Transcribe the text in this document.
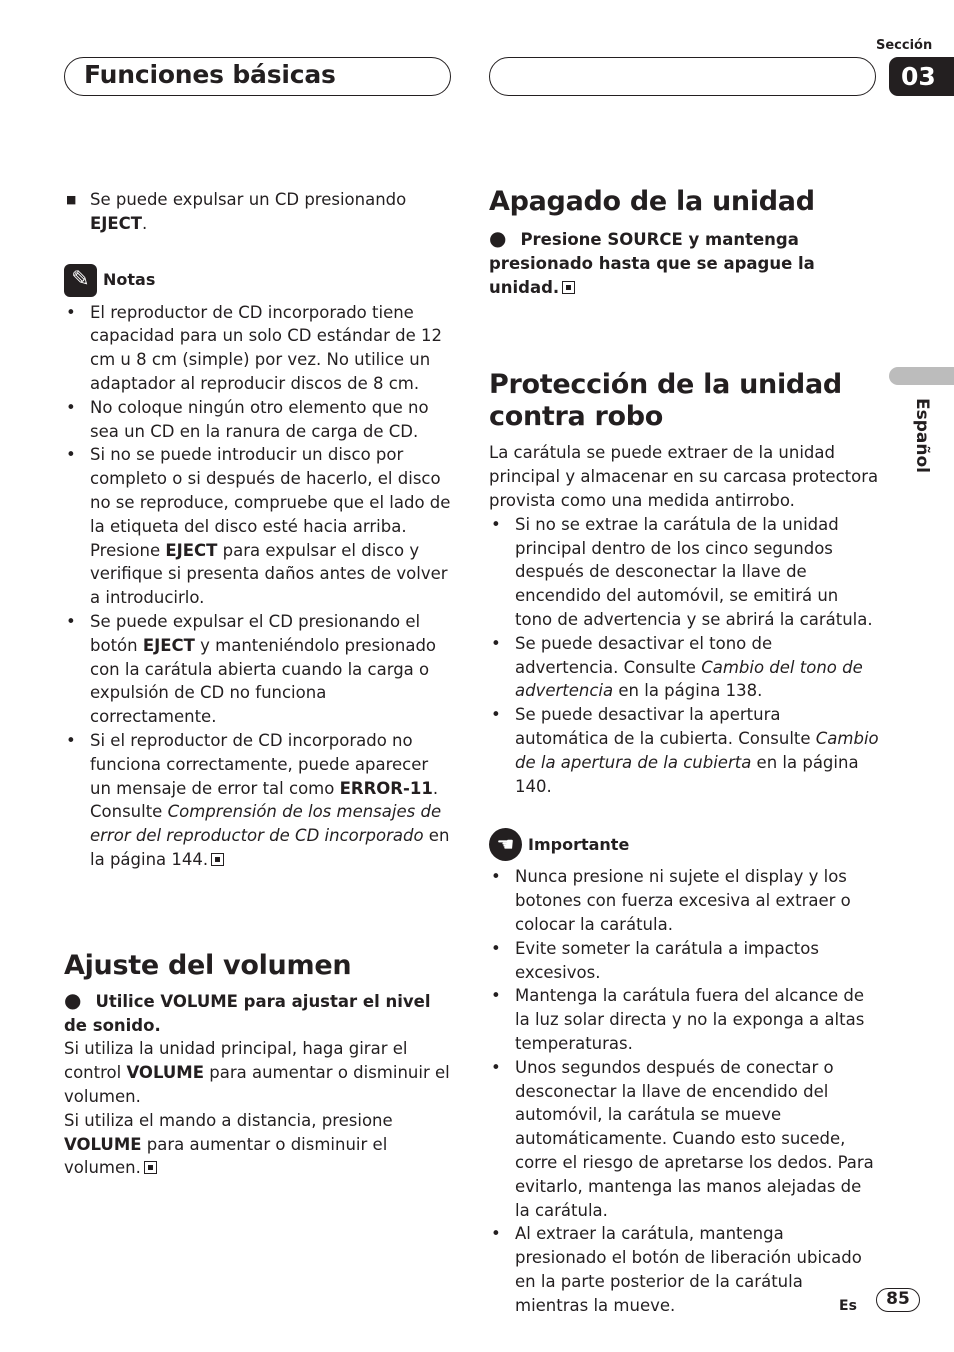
Funciones básicas
Sección
03
Español
■ Se puede expulsar un CD presionando EJECT.
✎ Notas
• El reproductor de CD incorporado tiene capacidad para un solo CD estándar de 12 cm u 8 cm (simple) por vez. No utilice un adaptador al reproducir discos de 8 cm.
• No coloque ningún otro elemento que no sea un CD en la ranura de carga de CD.
• Si no se puede introducir un disco por completo o si después de hacerlo, el disco no se reproduce, compruebe que el lado de la etiqueta del disco esté hacia arriba. Presione EJECT para expulsar el disco y verifique si presenta daños antes de volver a introducirlo.
• Se puede expulsar el CD presionando el botón EJECT y manteniéndolo presionado con la carátula abierta cuando la carga o expulsión de CD no funciona correctamente.
• Si el reproductor de CD incorporado no funciona correctamente, puede aparecer un mensaje de error tal como ERROR-11. Consulte Comprensión de los mensajes de error del reproductor de CD incorporado en la página 144.
Ajuste del volumen

● Utilice VOLUME para ajustar el nivel de sonido.

Si utiliza la unidad principal, haga girar el control VOLUME para aumentar o disminuir el volumen.

Si utiliza el mando a distancia, presione VOLUME para aumentar o disminuir el volumen.

Apagado de la unidad

● Presione SOURCE y mantenga presionado hasta que se apague la unidad.

Protección de la unidad contra robo

La carátula se puede extraer de la unidad principal y almacenar en su carcasa protectora provista como una medida antirrobo.

• Si no se extrae la carátula de la unidad principal dentro de los cinco segundos después de desconectar la llave de encendido del automóvil, se emitirá un tono de advertencia y se abrirá la carátula.
• Se puede desactivar el tono de advertencia. Consulte Cambio del tono de advertencia en la página 138.
• Se puede desactivar la apertura automática de la cubierta. Consulte Cambio de la apertura de la cubierta en la página 140.
☚ Importante
• Nunca presione ni sujete el display y los botones con fuerza excesiva al extraer o colocar la carátula.
• Evite someter la carátula a impactos excesivos.
• Mantenga la carátula fuera del alcance de la luz solar directa y no la exponga a altas temperaturas.
• Unos segundos después de conectar o desconectar la llave de encendido del automóvil, la carátula se mueve automáticamente. Cuando esto sucede, corre el riesgo de apretarse los dedos. Para evitarlo, mantenga las manos alejadas de la carátula.
• Al extraer la carátula, mantenga presionado el botón de liberación ubicado en la parte posterior de la carátula mientras la mueve.	Es	85
